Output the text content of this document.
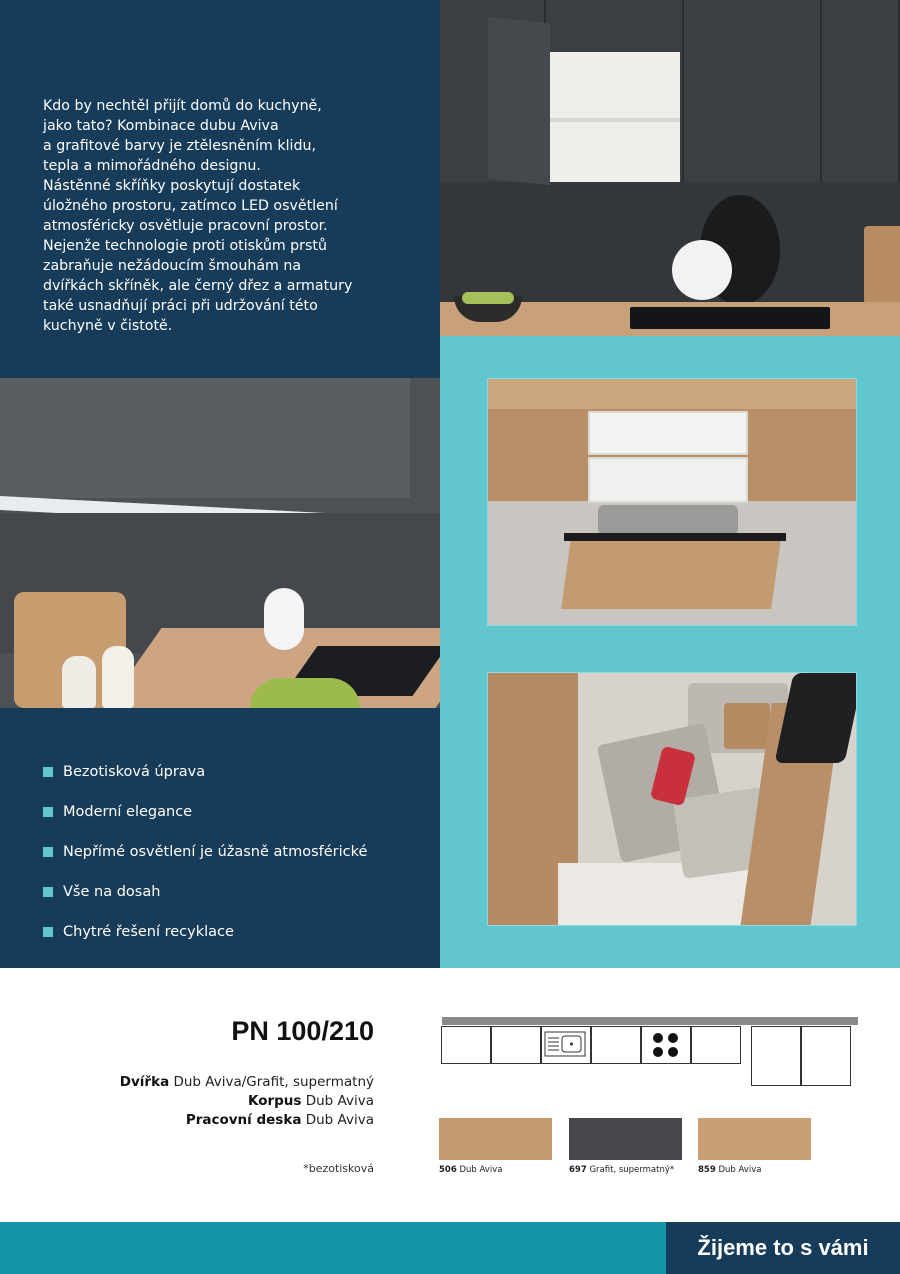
Kdo by nechtěl přijít domů do kuchyně,
jako tato? Kombinace dubu Aviva
a grafitové barvy je ztělesněním klidu,
tepla a mimořádného designu.
Nástěnné skříňky poskytují dostatek
úložného prostoru, zatímco LED osvětlení
atmosféricky osvětluje pracovní prostor.
Nejenže technologie proti otiskům prstů
zabraňuje nežádoucím šmouhám na
dvířkách skříněk, ale černý dřez a armatury
také usnadňují práci při udržování této
kuchyně v čistotě.
Bezotisková úprava
Moderní elegance
Nepřímé osvětlení je úžasně atmosférické
Vše na dosah
Chytré řešení recyklace
PN 100/210
Dvířka Dub Aviva/Grafit, supermatný
Korpus Dub Aviva
Pracovní deska Dub Aviva
*bezotisková	506 Dub Aviva	697 Grafit, supermatný*	859 Dub Aviva
Žijeme to s vámi
